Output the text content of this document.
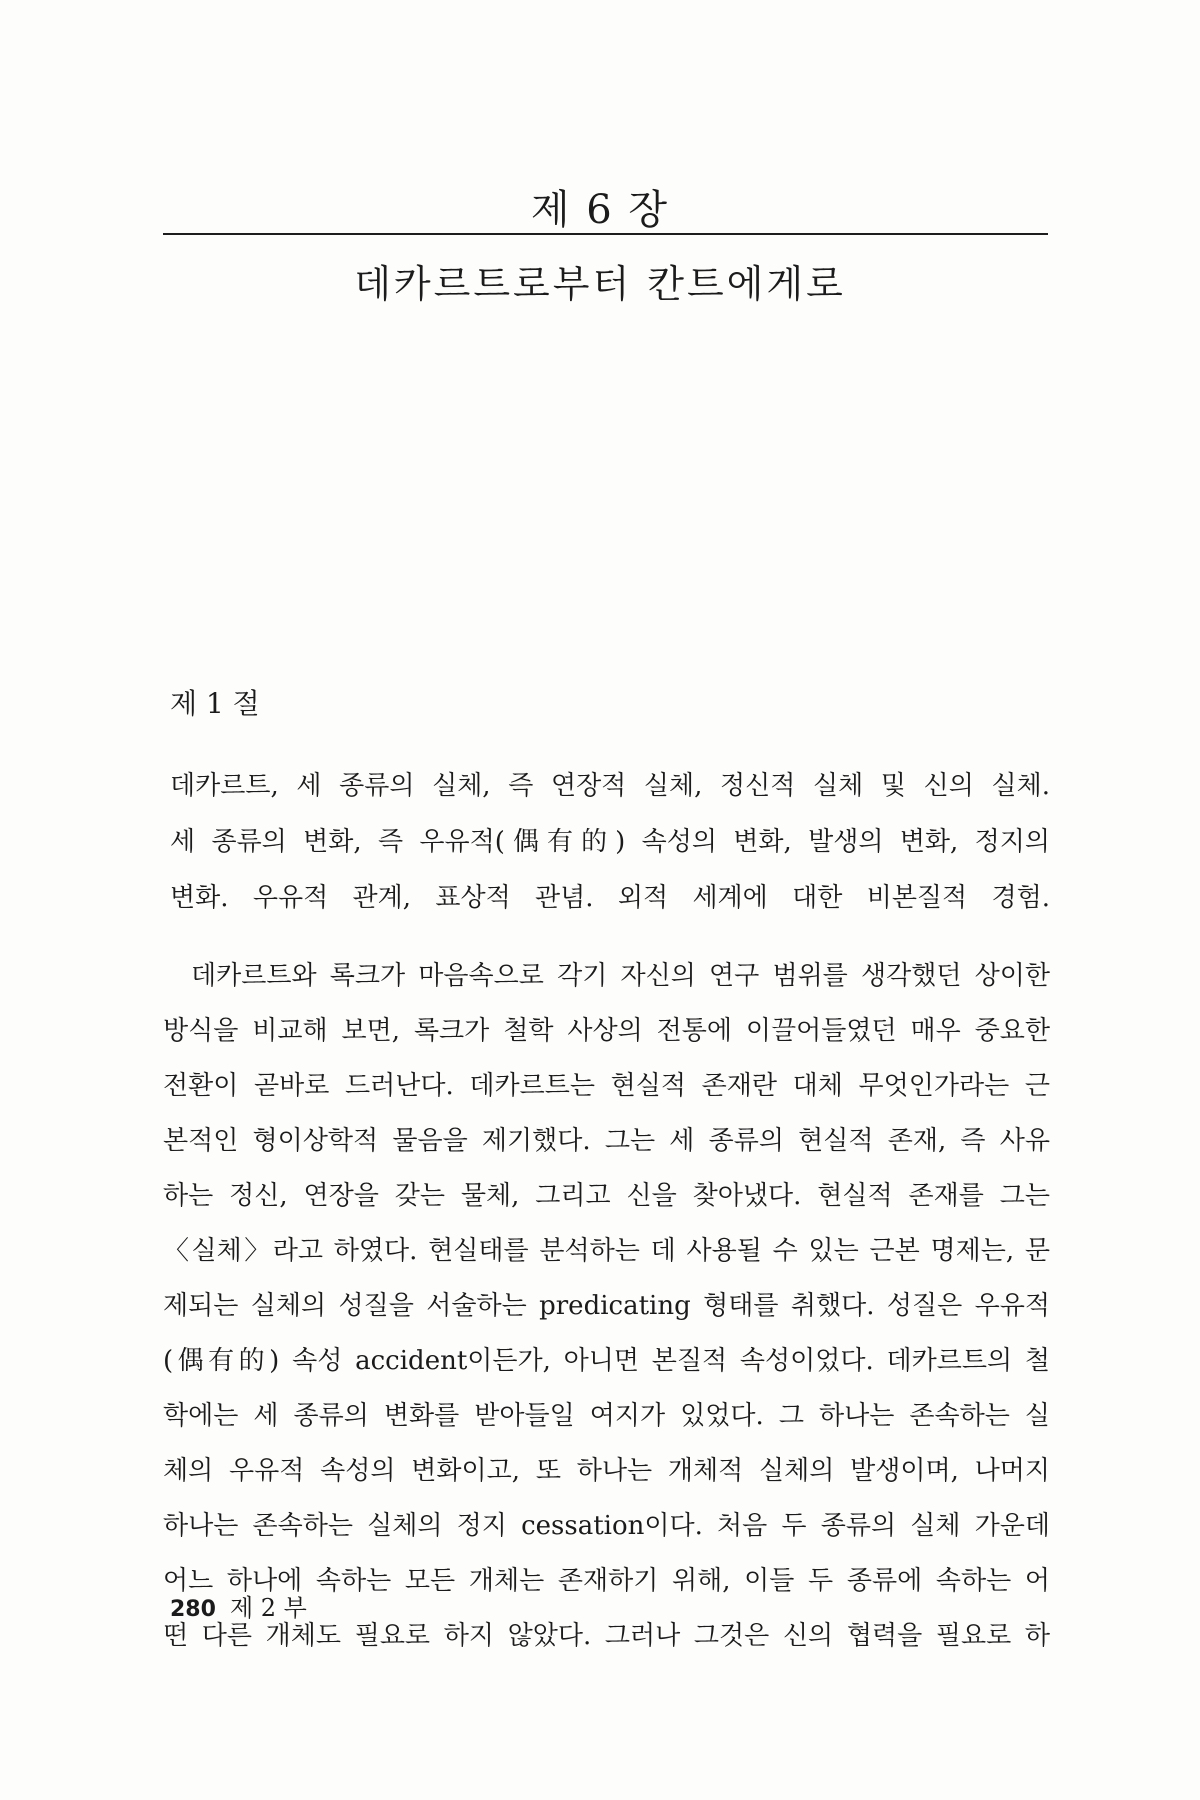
제 6 장
데카르트로부터 칸트에게로
제 1 절
데카르트, 세 종류의 실체, 즉 연장적 실체, 정신적 실체 및 신의 실체.
세 종류의 변화, 즉 우유적(偶有的) 속성의 변화, 발생의 변화, 정지의
변화. 우유적 관계, 표상적 관념. 외적 세계에 대한 비본질적 경험.
데카르트와 록크가 마음속으로 각기 자신의 연구 범위를 생각했던 상이한
방식을 비교해 보면, 록크가 철학 사상의 전통에 이끌어들였던 매우 중요한
전환이 곧바로 드러난다. 데카르트는 현실적 존재란 대체 무엇인가라는 근
본적인 형이상학적 물음을 제기했다. 그는 세 종류의 현실적 존재, 즉 사유
하는 정신, 연장을 갖는 물체, 그리고 신을 찾아냈다. 현실적 존재를 그는
〈실체〉라고 하였다. 현실태를 분석하는 데 사용될 수 있는 근본 명제는, 문
제되는 실체의 성질을 서술하는 predicating 형태를 취했다. 성질은 우유적
(偶有的) 속성 accident이든가, 아니면 본질적 속성이었다. 데카르트의 철
학에는 세 종류의 변화를 받아들일 여지가 있었다. 그 하나는 존속하는 실
체의 우유적 속성의 변화이고, 또 하나는 개체적 실체의 발생이며, 나머지
하나는 존속하는 실체의 정지 cessation이다. 처음 두 종류의 실체 가운데
어느 하나에 속하는 모든 개체는 존재하기 위해, 이들 두 종류에 속하는 어
떤 다른 개체도 필요로 하지 않았다. 그러나 그것은 신의 협력을 필요로 하
280 제 2 부
